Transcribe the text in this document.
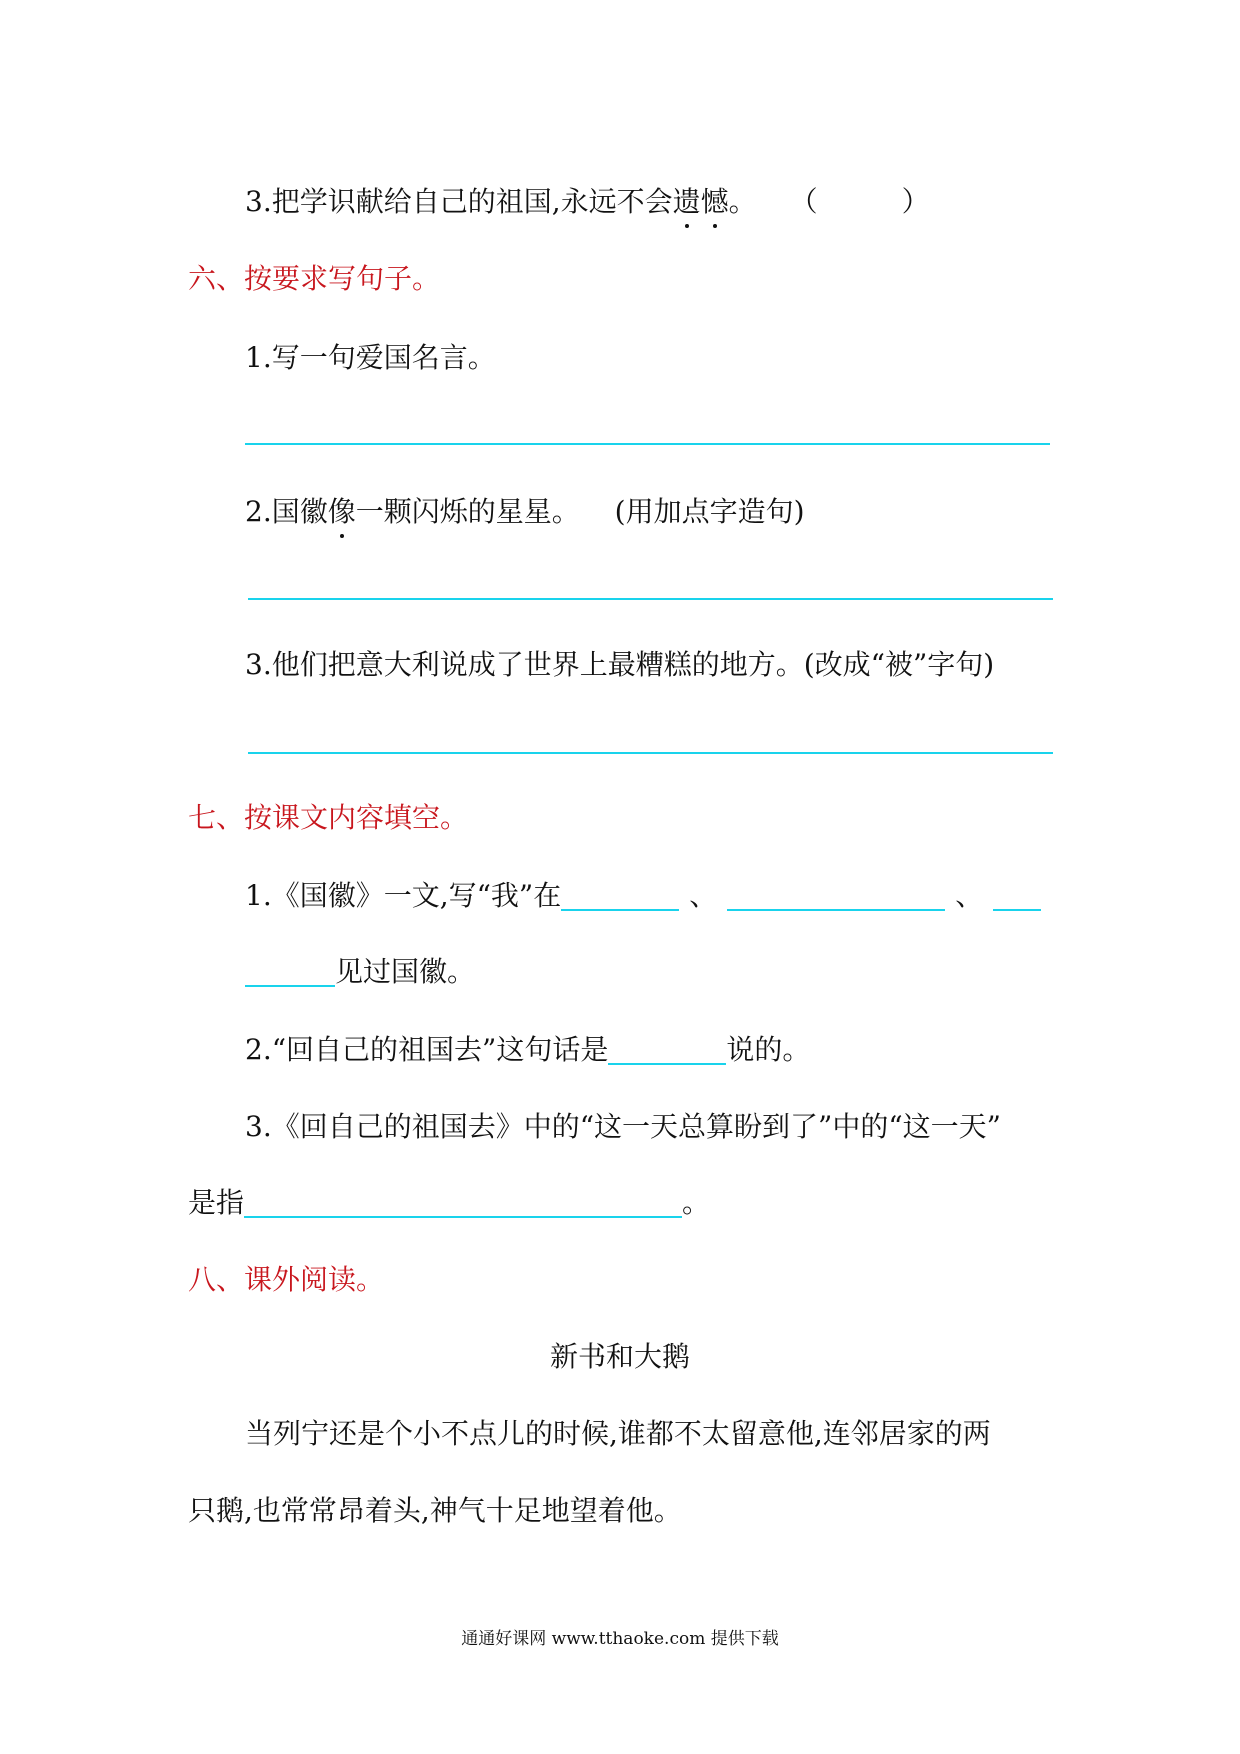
3.把学识献给自己的祖国,永远不会遗憾。 （　　　）
六、按要求写句子。
1.写一句爱国名言。
2.国徽像一颗闪烁的星星。 (用加点字造句)
3.他们把意大利说成了世界上最糟糕的地方。(改成“被”字句)
七、按课文内容填空。
1.《国徽》一文,写“我”在	、	、
见过国徽。
2.“回自己的祖国去”这句话是	说的。
3.《回自己的祖国去》中的“这一天总算盼到了”中的“这一天”
是指	。
八、课外阅读。
新书和大鹅
当列宁还是个小不点儿的时候,谁都不太留意他,连邻居家的两
只鹅,也常常昂着头,神气十足地望着他。
通通好课网 www.tthaoke.com 提供下载
